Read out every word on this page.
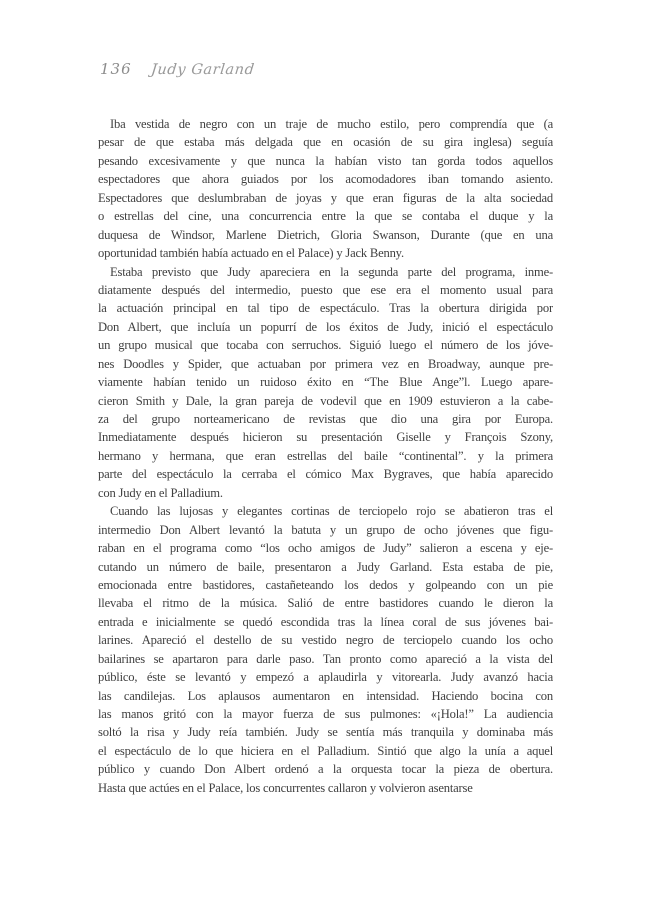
136 Judy Garland
Iba vestida de negro con un traje de mucho estilo, pero comprendía que (a
pesar de que estaba más delgada que en ocasión de su gira inglesa) seguía
pesando excesivamente y que nunca la habían visto tan gorda todos aquellos
espectadores que ahora guiados por los acomodadores iban tomando asiento.
Espectadores que deslumbraban de joyas y que eran figuras de la alta sociedad
o estrellas del cine, una concurrencia entre la que se contaba el duque y la
duquesa de Windsor, Marlene Dietrich, Gloria Swanson, Durante (que en una
oportunidad también había actuado en el Palace) y Jack Benny.
Estaba previsto que Judy apareciera en la segunda parte del programa, inme-
diatamente después del intermedio, puesto que ese era el momento usual para
la actuación principal en tal tipo de espectáculo. Tras la obertura dirigida por
Don Albert, que incluía un popurrí de los éxitos de Judy, inició el espectáculo
un grupo musical que tocaba con serruchos. Siguió luego el número de los jóve-
nes Doodles y Spider, que actuaban por primera vez en Broadway, aunque pre-
viamente habían tenido un ruidoso éxito en “The Blue Ange”l. Luego apare-
cieron Smith y Dale, la gran pareja de vodevil que en 1909 estuvieron a la cabe-
za del grupo norteamericano de revistas que dio una gira por Europa.
Inmediatamente después hicieron su presentación Giselle y François Szony,
hermano y hermana, que eran estrellas del baile “continental”. y la primera
parte del espectáculo la cerraba el cómico Max Bygraves, que había aparecido
con Judy en el Palladium.
Cuando las lujosas y elegantes cortinas de terciopelo rojo se abatieron tras el
intermedio Don Albert levantó la batuta y un grupo de ocho jóvenes que figu-
raban en el programa como “los ocho amigos de Judy” salieron a escena y eje-
cutando un número de baile, presentaron a Judy Garland. Esta estaba de pie,
emocionada entre bastidores, castañeteando los dedos y golpeando con un pie
llevaba el ritmo de la música. Salió de entre bastidores cuando le dieron la
entrada e inicialmente se quedó escondida tras la línea coral de sus jóvenes bai-
larines. Apareció el destello de su vestido negro de terciopelo cuando los ocho
bailarines se apartaron para darle paso. Tan pronto como apareció a la vista del
público, éste se levantó y empezó a aplaudirla y vitorearla. Judy avanzó hacia
las candilejas. Los aplausos aumentaron en intensidad. Haciendo bocina con
las manos gritó con la mayor fuerza de sus pulmones: «¡Hola!” La audiencia
soltó la risa y Judy reía también. Judy se sentía más tranquila y dominaba más
el espectáculo de lo que hiciera en el Palladium. Sintió que algo la unía a aquel
público y cuando Don Albert ordenó a la orquesta tocar la pieza de obertura.
Hasta que actúes en el Palace, los concurrentes callaron y volvieron asentarse
